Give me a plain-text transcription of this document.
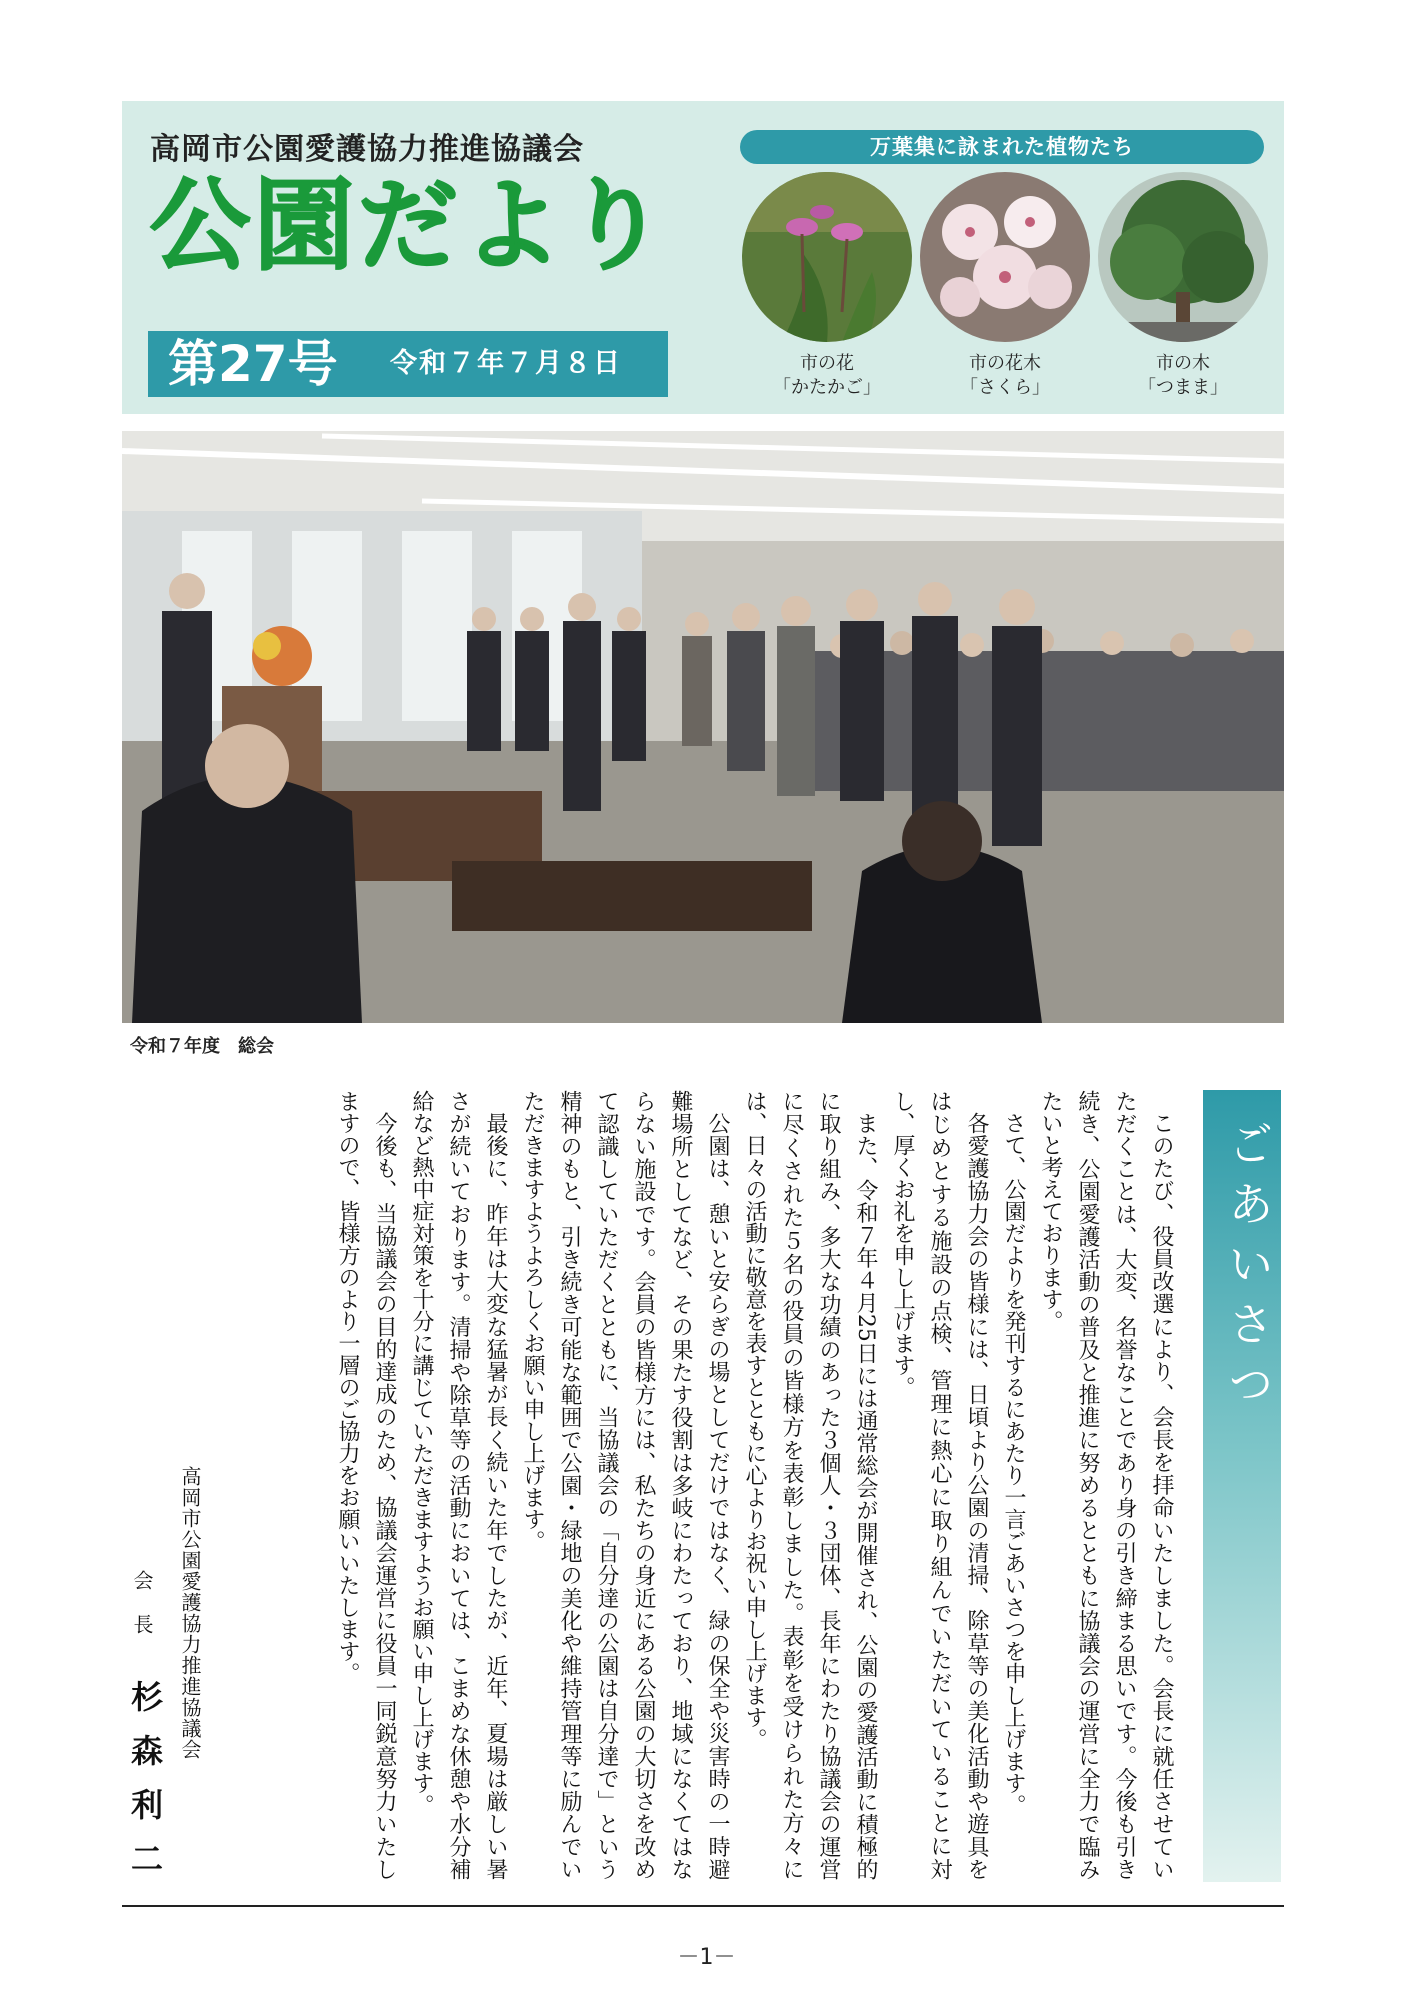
高岡市公園愛護協力推進協議会
公園だより
第27号 令和７年７月８日
万葉集に詠まれた植物たち
市の花
「かたかご」
市の花木
「さくら」
市の木
「つまま」
令和７年度　総会
ごあいさつ

このたび、役員改選により、会長を拝命いたしました。会長に就任させていただくことは、大変、名誉なことであり身の引き締まる思いです。今後も引き続き、公園愛護活動の普及と推進に努めるとともに協議会の運営に全力で臨みたいと考えております。

さて、公園だよりを発刊するにあたり一言ごあいさつを申し上げます。

各愛護協力会の皆様には、日頃より公園の清掃、除草等の美化活動や遊具をはじめとする施設の点検、管理に熱心に取り組んでいただいていることに対し、厚くお礼を申し上げます。

また、令和７年４月25日には通常総会が開催され、公園の愛護活動に積極的に取り組み、多大な功績のあった３個人・３団体、長年にわたり協議会の運営に尽くされた５名の役員の皆様方を表彰しました。表彰を受けられた方々には、日々の活動に敬意を表すとともに心よりお祝い申し上げます。

公園は、憩いと安らぎの場としてだけではなく、緑の保全や災害時の一時避難場所としてなど、その果たす役割は多岐にわたっており、地域になくてはならない施設です。会員の皆様方には、私たちの身近にある公園の大切さを改めて認識していただくとともに、当協議会の「自分達の公園は自分達で」という精神のもと、引き続き可能な範囲で公園・緑地の美化や維持管理等に励んでいただきますようよろしくお願い申し上げます。

最後に、昨年は大変な猛暑が長く続いた年でしたが、近年、夏場は厳しい暑さが続いております。清掃や除草等の活動においては、こまめな休憩や水分補給など熱中症対策を十分に講じていただきますようお願い申し上げます。

今後も、当協議会の目的達成のため、協議会運営に役員一同鋭意努力いたしますので、皆様方のより一層のご協力をお願いいたします。

高岡市公園愛護協力推進協議会
会　長
杉森利二
－1－
